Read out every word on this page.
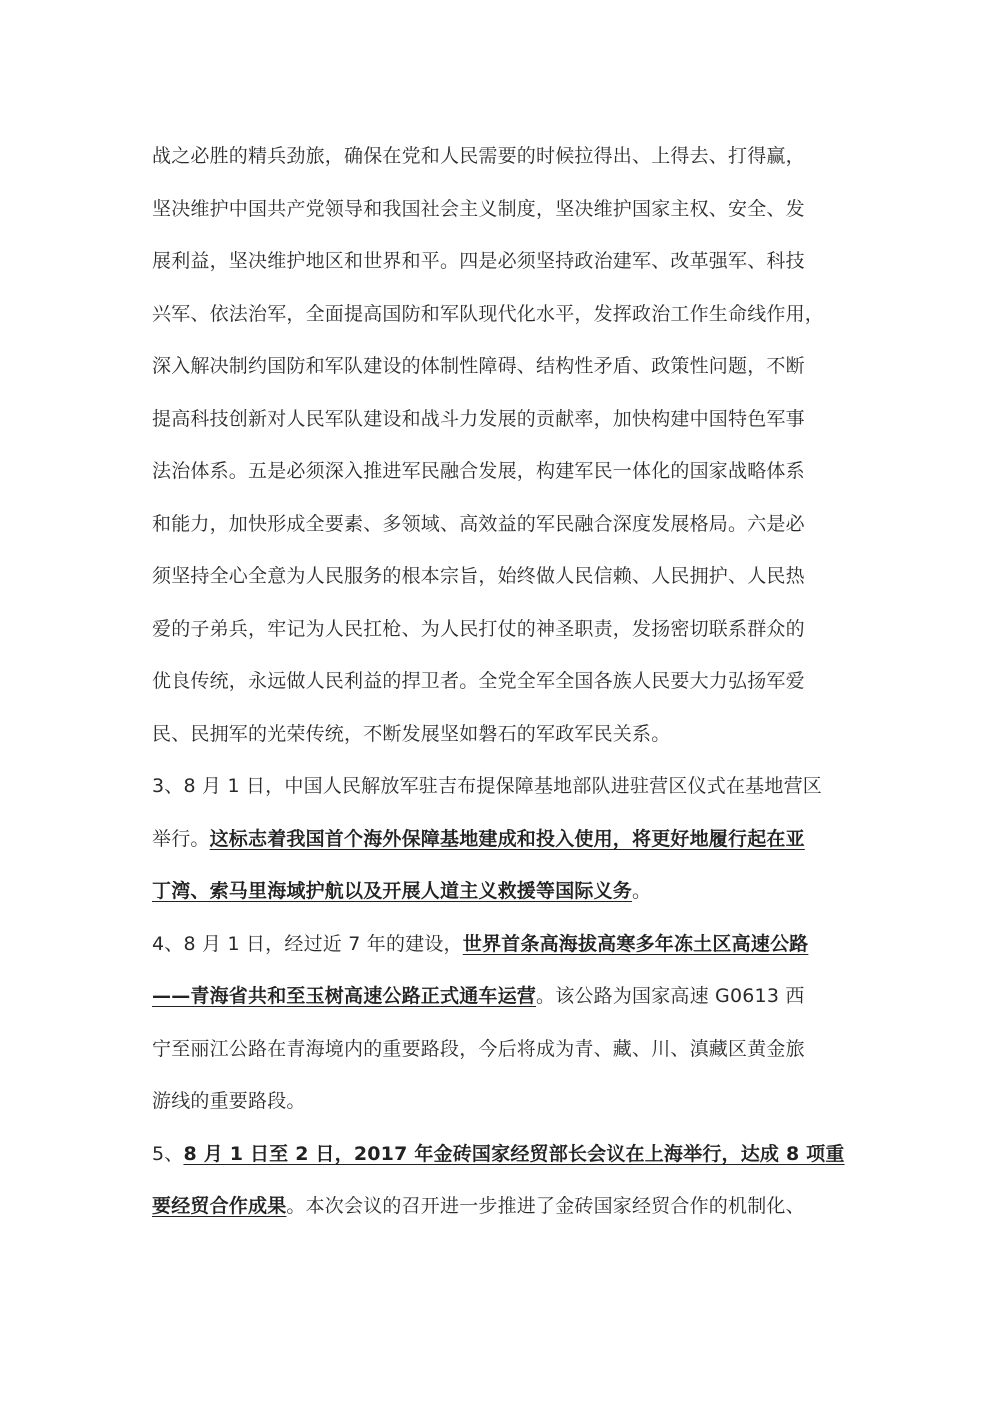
战之必胜的精兵劲旅，确保在党和人民需要的时候拉得出、上得去、打得赢，
坚决维护中国共产党领导和我国社会主义制度，坚决维护国家主权、安全、发
展利益，坚决维护地区和世界和平。四是必须坚持政治建军、改革强军、科技
兴军、依法治军，全面提高国防和军队现代化水平，发挥政治工作生命线作用，
深入解决制约国防和军队建设的体制性障碍、结构性矛盾、政策性问题，不断
提高科技创新对人民军队建设和战斗力发展的贡献率，加快构建中国特色军事
法治体系。五是必须深入推进军民融合发展，构建军民一体化的国家战略体系
和能力，加快形成全要素、多领域、高效益的军民融合深度发展格局。六是必
须坚持全心全意为人民服务的根本宗旨，始终做人民信赖、人民拥护、人民热
爱的子弟兵，牢记为人民扛枪、为人民打仗的神圣职责，发扬密切联系群众的
优良传统，永远做人民利益的捍卫者。全党全军全国各族人民要大力弘扬军爱
民、民拥军的光荣传统，不断发展坚如磐石的军政军民关系。
3、8 月 1 日，中国人民解放军驻吉布提保障基地部队进驻营区仪式在基地营区
举行。这标志着我国首个海外保障基地建成和投入使用，将更好地履行起在亚
丁湾、索马里海域护航以及开展人道主义救援等国际义务。
4、8 月 1 日，经过近 7 年的建设，世界首条高海拔高寒多年冻土区高速公路
——青海省共和至玉树高速公路正式通车运营。该公路为国家高速 G0613 西
宁至丽江公路在青海境内的重要路段，今后将成为青、藏、川、滇藏区黄金旅
游线的重要路段。
5、8 月 1 日至 2 日，2017 年金砖国家经贸部长会议在上海举行，达成 8 项重
要经贸合作成果。本次会议的召开进一步推进了金砖国家经贸合作的机制化、
